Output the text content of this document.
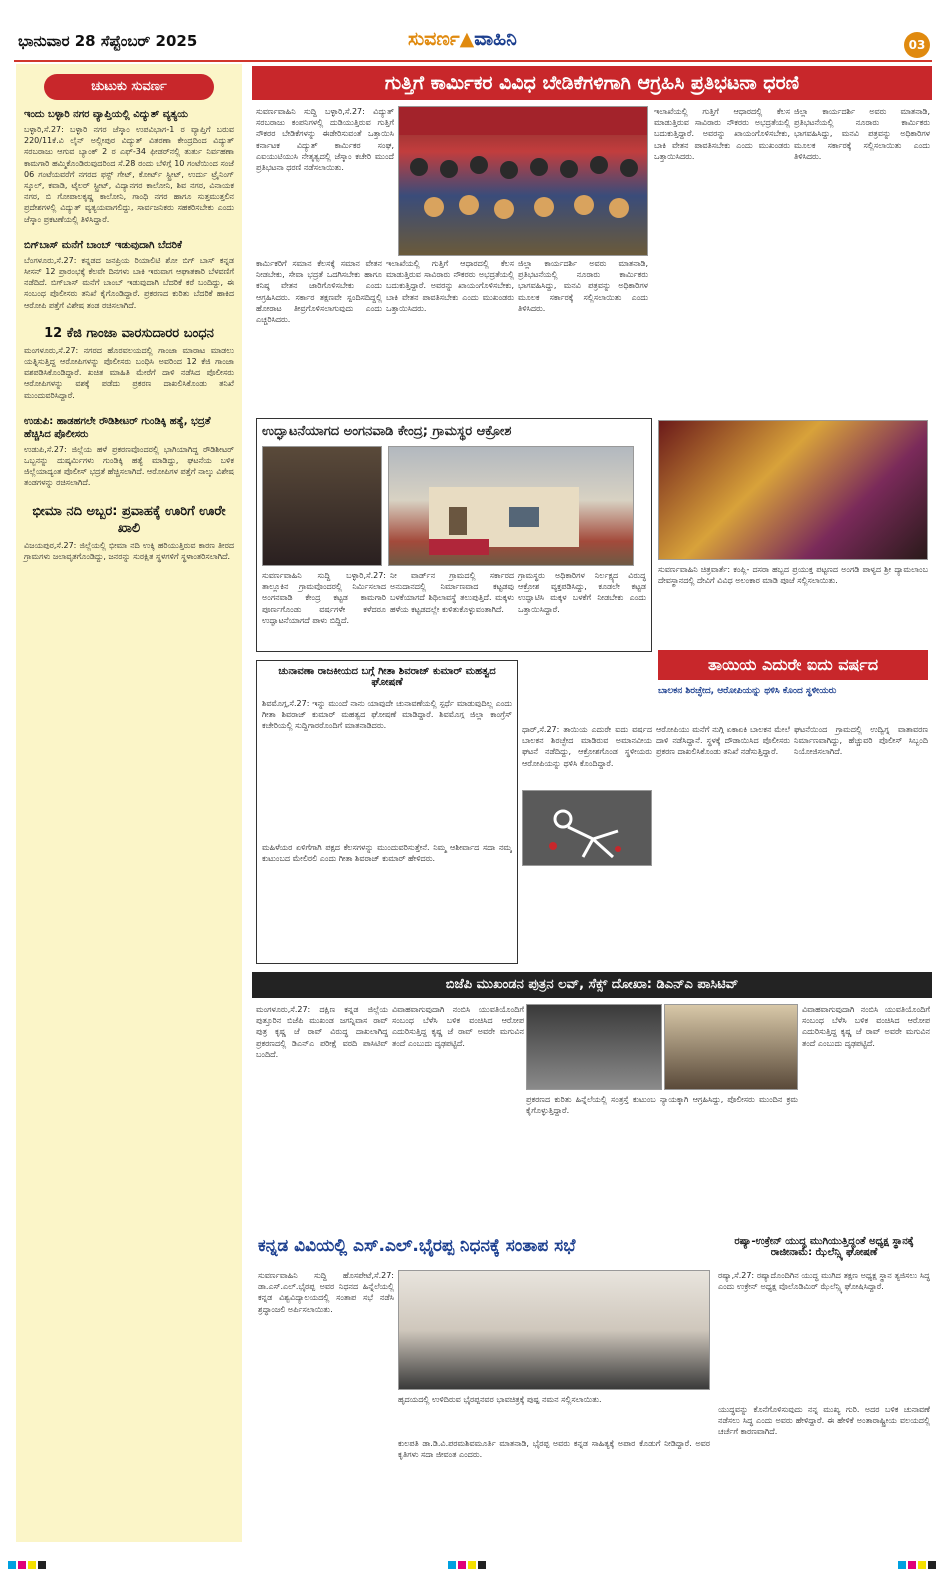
ಭಾನುವಾರ 28 ಸೆಪ್ಟೆಂಬರ್ 2025	ಸುವರ್ಣ▲ವಾಹಿನಿ	03
ಚುಟುಕು ಸುವರ್ಣ
ಇಂದು ಬಳ್ಳಾರಿ ನಗರ ವ್ಯಾಪ್ತಿಯಲ್ಲಿ ವಿದ್ಯುತ್ ವ್ಯತ್ಯಯ
ಬಳ್ಳಾರಿ,ಸೆ.27: ಬಳ್ಳಾರಿ ನಗರ ಜೆಸ್ಕಾಂ ಉಪವಿಭಾಗ-1 ರ ವ್ಯಾಪ್ತಿಗೆ ಬರುವ 220/11ಕೆ.ವಿ ಲೈನ್ ಅಲ್ಲೀಪುರ ವಿದ್ಯುತ್ ವಿತರಣಾ ಕೇಂದ್ರದಿಂದ ವಿದ್ಯುತ್ ಸರಬರಾಜು ಆಗುವ ಬ್ಯಾಂಕ್ 2 ರ ಎಫ್-34 ಫೀಡರ್‌ನಲ್ಲಿ ತುರ್ತು ನಿರ್ವಹಣಾ ಕಾಮಗಾರಿ ಹಮ್ಮಿಕೊಂಡಿರುವುದರಿಂದ ಸೆ.28 ರಂದು ಬೆಳಿಗ್ಗೆ 10 ಗಂಟೆಯಿಂದ ಸಂಜೆ 06 ಗಂಟೆಯವರೆಗೆ ನಗರದ ಫಸ್ಟ್ ಗೇಟ್, ಕೋರ್ಟ್ ಸ್ಟ್ರೀಟ್, ಉರ್ದು ಟ್ರೈನಿಂಗ್ ಸ್ಕೂಲ್, ಕವಾಡಿ, ಟೈಲರ್ ಸ್ಟ್ರೀಟ್, ವಿದ್ಯಾನಗರ ಕಾಲೋನಿ, ಶಿವ ನಗರ, ವಿನಾಯಕ ನಗರ, ಬಿ ಗೋಪಾಲಕೃಷ್ಣ ಕಾಲೋನಿ, ಗಾಂಧಿ ನಗರ ಹಾಗೂ ಸುತ್ತಮುತ್ತಲಿನ ಪ್ರದೇಶಗಳಲ್ಲಿ ವಿದ್ಯುತ್ ವ್ಯತ್ಯಯವಾಗಲಿದ್ದು, ಸಾರ್ವಜನಿಕರು ಸಹಕರಿಸಬೇಕು ಎಂದು ಜೆಸ್ಕಾಂ ಪ್ರಕಟಣೆಯಲ್ಲಿ ತಿಳಿಸಿದ್ದಾರೆ.
ಬಿಗ್‌ಬಾಸ್ ಮನೆಗೆ ಬಾಂಬ್ ಇಡುವುದಾಗಿ ಬೆದರಿಕೆ
ಬೆಂಗಳೂರು,ಸೆ.27: ಕನ್ನಡದ ಜನಪ್ರಿಯ ರಿಯಾಲಿಟಿ ಶೋ ಬಿಗ್ ಬಾಸ್ ಕನ್ನಡ ಸೀಸನ್ 12 ಪ್ರಾರಂಭಕ್ಕೆ ಕೆಲವೇ ದಿನಗಳು ಬಾಕಿ ಇರುವಾಗ ಆಘಾತಕಾರಿ ಬೆಳವಣಿಗೆ ನಡೆದಿದೆ. ಬಿಗ್‌ಬಾಸ್ ಮನೆಗೆ ಬಾಂಬ್ ಇಡುವುದಾಗಿ ಬೆದರಿಕೆ ಕರೆ ಬಂದಿದ್ದು, ಈ ಸಂಬಂಧ ಪೊಲೀಸರು ತನಿಖೆ ಕೈಗೊಂಡಿದ್ದಾರೆ. ಪ್ರಕರಣದ ಕುರಿತು ಬೆದರಿಕೆ ಹಾಕಿದ ಆರೋಪಿ ಪತ್ತೆಗೆ ವಿಶೇಷ ತಂಡ ರಚಿಸಲಾಗಿದೆ.
12 ಕೆಜಿ ಗಾಂಜಾ ವಾರಸುದಾರರ ಬಂಧನ
ಮಂಗಳೂರು,ಸೆ.27: ನಗರದ ಹೊರವಲಯದಲ್ಲಿ ಗಾಂಜಾ ಮಾರಾಟ ಮಾಡಲು ಯತ್ನಿಸುತ್ತಿದ್ದ ಆರೋಪಿಗಳನ್ನು ಪೊಲೀಸರು ಬಂಧಿಸಿ ಅವರಿಂದ 12 ಕೆಜಿ ಗಾಂಜಾ ವಶಪಡಿಸಿಕೊಂಡಿದ್ದಾರೆ. ಖಚಿತ ಮಾಹಿತಿ ಮೇರೆಗೆ ದಾಳಿ ನಡೆಸಿದ ಪೊಲೀಸರು ಆರೋಪಿಗಳನ್ನು ವಶಕ್ಕೆ ಪಡೆದು ಪ್ರಕರಣ ದಾಖಲಿಸಿಕೊಂಡು ತನಿಖೆ ಮುಂದುವರಿಸಿದ್ದಾರೆ.
ಉಡುಪಿ: ಹಾಡಹಗಲೇ ರೌಡಿಶೀಟರ್ ಗುಂಡಿಕ್ಕಿ ಹತ್ಯೆ, ಭದ್ರತೆ ಹೆಚ್ಚಿಸಿದ ಪೊಲೀಸರು
ಉಡುಪಿ,ಸೆ.27: ಜಿಲ್ಲೆಯ ಹಳೆ ಪ್ರಕರಣವೊಂದರಲ್ಲಿ ಭಾಗಿಯಾಗಿದ್ದ ರೌಡಿಶೀಟರ್ ಒಬ್ಬನನ್ನು ದುಷ್ಕರ್ಮಿಗಳು ಗುಂಡಿಕ್ಕಿ ಹತ್ಯೆ ಮಾಡಿದ್ದು, ಘಟನೆಯ ಬಳಿಕ ಜಿಲ್ಲೆಯಾದ್ಯಂತ ಪೊಲೀಸ್ ಭದ್ರತೆ ಹೆಚ್ಚಿಸಲಾಗಿದೆ. ಆರೋಪಿಗಳ ಪತ್ತೆಗೆ ನಾಲ್ಕು ವಿಶೇಷ ತಂಡಗಳನ್ನು ರಚಿಸಲಾಗಿದೆ.
ಭೀಮಾ ನದಿ ಅಬ್ಬರ: ಪ್ರವಾಹಕ್ಕೆ ಊರಿಗೆ ಊರೇ ಖಾಲಿ
ವಿಜಯಪುರ,ಸೆ.27: ಜಿಲ್ಲೆಯಲ್ಲಿ ಭೀಮಾ ನದಿ ಉಕ್ಕಿ ಹರಿಯುತ್ತಿರುವ ಕಾರಣ ತೀರದ ಗ್ರಾಮಗಳು ಜಲಾವೃತಗೊಂಡಿದ್ದು, ಜನರನ್ನು ಸುರಕ್ಷಿತ ಸ್ಥಳಗಳಿಗೆ ಸ್ಥಳಾಂತರಿಸಲಾಗಿದೆ.
ಗುತ್ತಿಗೆ ಕಾರ್ಮಿಕರ ವಿವಿಧ ಬೇಡಿಕೆಗಳಿಗಾಗಿ ಆಗ್ರಹಿಸಿ ಪ್ರತಿಭಟನಾ ಧರಣಿ
ಸುವರ್ಣವಾಹಿನಿ ಸುದ್ದಿ ಬಳ್ಳಾರಿ,ಸೆ.27: ವಿದ್ಯುತ್ ಸರಬರಾಜು ಕಂಪನಿಗಳಲ್ಲಿ ದುಡಿಯುತ್ತಿರುವ ಗುತ್ತಿಗೆ ನೌಕರರ ಬೇಡಿಕೆಗಳನ್ನು ಈಡೇರಿಸುವಂತೆ ಒತ್ತಾಯಿಸಿ ಕರ್ನಾಟಕ ವಿದ್ಯುತ್ ಕಾರ್ಮಿಕರ ಸಂಘ, ಎಐಯುಟಿಯುಸಿ ನೇತೃತ್ವದಲ್ಲಿ ಜೆಸ್ಕಾಂ ಕಚೇರಿ ಮುಂದೆ ಪ್ರತಿಭಟನಾ ಧರಣಿ ನಡೆಸಲಾಯಿತು.
ಕಾರ್ಮಿಕರಿಗೆ ಸಮಾನ ಕೆಲಸಕ್ಕೆ ಸಮಾನ ವೇತನ ನೀಡಬೇಕು, ಸೇವಾ ಭದ್ರತೆ ಒದಗಿಸಬೇಕು ಹಾಗೂ ಕನಿಷ್ಠ ವೇತನ ಜಾರಿಗೊಳಿಸಬೇಕು ಎಂದು ಆಗ್ರಹಿಸಿದರು. ಸರ್ಕಾರ ತಕ್ಷಣವೇ ಸ್ಪಂದಿಸದಿದ್ದಲ್ಲಿ ಹೋರಾಟ ತೀವ್ರಗೊಳಿಸಲಾಗುವುದು ಎಂದು ಎಚ್ಚರಿಸಿದರು.
ಇಲಾಖೆಯಲ್ಲಿ ಗುತ್ತಿಗೆ ಆಧಾರದಲ್ಲಿ ಕೆಲಸ ಮಾಡುತ್ತಿರುವ ಸಾವಿರಾರು ನೌಕರರು ಅಭದ್ರತೆಯಲ್ಲಿ ಬದುಕುತ್ತಿದ್ದಾರೆ. ಅವರನ್ನು ಖಾಯಂಗೊಳಿಸಬೇಕು, ಬಾಕಿ ವೇತನ ಪಾವತಿಸಬೇಕು ಎಂದು ಮುಖಂಡರು ಒತ್ತಾಯಿಸಿದರು.
ಜಿಲ್ಲಾ ಕಾರ್ಯದರ್ಶಿ ಅವರು ಮಾತನಾಡಿ, ಪ್ರತಿಭಟನೆಯಲ್ಲಿ ನೂರಾರು ಕಾರ್ಮಿಕರು ಭಾಗವಹಿಸಿದ್ದು, ಮನವಿ ಪತ್ರವನ್ನು ಅಧಿಕಾರಿಗಳ ಮೂಲಕ ಸರ್ಕಾರಕ್ಕೆ ಸಲ್ಲಿಸಲಾಯಿತು ಎಂದು ತಿಳಿಸಿದರು.
ಇಲಾಖೆಯಲ್ಲಿ ಗುತ್ತಿಗೆ ಆಧಾರದಲ್ಲಿ ಕೆಲಸ ಮಾಡುತ್ತಿರುವ ಸಾವಿರಾರು ನೌಕರರು ಅಭದ್ರತೆಯಲ್ಲಿ ಬದುಕುತ್ತಿದ್ದಾರೆ. ಅವರನ್ನು ಖಾಯಂಗೊಳಿಸಬೇಕು, ಬಾಕಿ ವೇತನ ಪಾವತಿಸಬೇಕು ಎಂದು ಮುಖಂಡರು ಒತ್ತಾಯಿಸಿದರು.
ಜಿಲ್ಲಾ ಕಾರ್ಯದರ್ಶಿ ಅವರು ಮಾತನಾಡಿ, ಪ್ರತಿಭಟನೆಯಲ್ಲಿ ನೂರಾರು ಕಾರ್ಮಿಕರು ಭಾಗವಹಿಸಿದ್ದು, ಮನವಿ ಪತ್ರವನ್ನು ಅಧಿಕಾರಿಗಳ ಮೂಲಕ ಸರ್ಕಾರಕ್ಕೆ ಸಲ್ಲಿಸಲಾಯಿತು ಎಂದು ತಿಳಿಸಿದರು.
ಉದ್ಘಾಟನೆಯಾಗದ ಅಂಗನವಾಡಿ ಕೇಂದ್ರ; ಗ್ರಾಮಸ್ಥರ ಆಕ್ರೋಶ
ಸುವರ್ಣವಾಹಿನಿ ಸುದ್ದಿ ಬಳ್ಳಾರಿ,ಸೆ.27: ತಾಲ್ಲೂಕಿನ ಗ್ರಾಮವೊಂದರಲ್ಲಿ ನಿರ್ಮಿಸಲಾದ ಅಂಗನವಾಡಿ ಕೇಂದ್ರ ಕಟ್ಟಡ ಕಾಮಗಾರಿ ಪೂರ್ಣಗೊಂಡು ವರ್ಷಗಳೇ ಕಳೆದರೂ ಉದ್ಘಾಟನೆಯಾಗದೆ ಪಾಳು ಬಿದ್ದಿದೆ.
ನೀ ವಾರ್ಡ್‌ನ ಗ್ರಾಮದಲ್ಲಿ ಸರ್ಕಾರದ ಅನುದಾನದಲ್ಲಿ ನಿರ್ಮಾಣವಾದ ಕಟ್ಟಡವು ಬಳಕೆಯಾಗದೆ ಶಿಥಿಲಾವಸ್ಥೆ ತಲುಪುತ್ತಿದೆ. ಮಕ್ಕಳು ಹಳೆಯ ಕಟ್ಟಡದಲ್ಲೇ ಕುಳಿತುಕೊಳ್ಳುವಂತಾಗಿದೆ.
ಗ್ರಾಮಸ್ಥರು ಅಧಿಕಾರಿಗಳ ನಿರ್ಲಕ್ಷ್ಯದ ವಿರುದ್ಧ ಆಕ್ರೋಶ ವ್ಯಕ್ತಪಡಿಸಿದ್ದು, ಕೂಡಲೇ ಕಟ್ಟಡ ಉದ್ಘಾಟಿಸಿ ಮಕ್ಕಳ ಬಳಕೆಗೆ ನೀಡಬೇಕು ಎಂದು ಒತ್ತಾಯಿಸಿದ್ದಾರೆ.
ಸುವರ್ಣವಾಹಿನಿ ಚಿತ್ರವಾರ್ತೆ: ಕಂಪ್ಲಿ- ದಸರಾ ಹಬ್ಬದ ಪ್ರಯುಕ್ತ ಪಟ್ಟಣದ ಅಂಗಡಿ ಪಾಳ್ಯದ ಶ್ರೀ ದ್ಯಾಮಲಾಂಬ ದೇವಸ್ಥಾನದಲ್ಲಿ ದೇವಿಗೆ ವಿವಿಧ ಅಲಂಕಾರ ಮಾಡಿ ಪೂಜೆ ಸಲ್ಲಿಸಲಾಯಿತು.
ತಾಯಿಯ ಎದುರೇ ಐದು ವರ್ಷದ
ಬಾಲಕನ ಶಿರಚ್ಛೇದ, ಆರೋಪಿಯನ್ನು ಥಳಿಸಿ ಕೊಂದ ಸ್ಥಳೀಯರು
ಧಾರ್,ಸೆ.27: ತಾಯಿಯ ಎದುರೇ ಐದು ವರ್ಷದ ಬಾಲಕನ ಶಿರಚ್ಛೇದ ಮಾಡಿರುವ ಅಮಾನವೀಯ ಘಟನೆ ನಡೆದಿದ್ದು, ಆಕ್ರೋಶಗೊಂಡ ಸ್ಥಳೀಯರು ಆರೋಪಿಯನ್ನು ಥಳಿಸಿ ಕೊಂದಿದ್ದಾರೆ.
ಆರೋಪಿಯು ಮನೆಗೆ ನುಗ್ಗಿ ಏಕಾಏಕಿ ಬಾಲಕನ ಮೇಲೆ ದಾಳಿ ನಡೆಸಿದ್ದಾನೆ. ಸ್ಥಳಕ್ಕೆ ದೌಡಾಯಿಸಿದ ಪೊಲೀಸರು ಪ್ರಕರಣ ದಾಖಲಿಸಿಕೊಂಡು ತನಿಖೆ ನಡೆಸುತ್ತಿದ್ದಾರೆ.
ಘಟನೆಯಿಂದ ಗ್ರಾಮದಲ್ಲಿ ಉದ್ವಿಗ್ನ ವಾತಾವರಣ ನಿರ್ಮಾಣವಾಗಿದ್ದು, ಹೆಚ್ಚುವರಿ ಪೊಲೀಸ್ ಸಿಬ್ಬಂದಿ ನಿಯೋಜಿಸಲಾಗಿದೆ.
ಚುನಾವಣಾ ರಾಜಕೀಯದ ಬಗ್ಗೆ ಗೀತಾ ಶಿವರಾಜ್ ಕುಮಾರ್ ಮಹತ್ವದ ಘೋಷಣೆ
ಶಿವಮೊಗ್ಗ,ಸೆ.27: ಇನ್ನು ಮುಂದೆ ನಾನು ಯಾವುದೇ ಚುನಾವಣೆಯಲ್ಲಿ ಸ್ಪರ್ಧೆ ಮಾಡುವುದಿಲ್ಲ ಎಂದು ಗೀತಾ ಶಿವರಾಜ್ ಕುಮಾರ್ ಮಹತ್ವದ ಘೋಷಣೆ ಮಾಡಿದ್ದಾರೆ. ಶಿವಮೊಗ್ಗ ಜಿಲ್ಲಾ ಕಾಂಗ್ರೆಸ್ ಕಚೇರಿಯಲ್ಲಿ ಸುದ್ದಿಗಾರರೊಂದಿಗೆ ಮಾತನಾಡಿದರು.
ಮಹಿಳೆಯರ ಏಳಿಗೆಗಾಗಿ ಪಕ್ಷದ ಕೆಲಸಗಳನ್ನು ಮುಂದುವರಿಸುತ್ತೇನೆ. ನಿಮ್ಮ ಆಶೀರ್ವಾದ ಸದಾ ನಮ್ಮ ಕುಟುಂಬದ ಮೇಲಿರಲಿ ಎಂದು ಗೀತಾ ಶಿವರಾಜ್ ಕುಮಾರ್ ಹೇಳಿದರು.
ಬಿಜೆಪಿ ಮುಖಂಡನ ಪುತ್ರನ ಲವ್, ಸೆಕ್ಸ್ ದೋಖಾ: ಡಿಎನ್‌ಎ ಪಾಸಿಟಿವ್
ಮಂಗಳೂರು,ಸೆ.27: ದಕ್ಷಿಣ ಕನ್ನಡ ಜಿಲ್ಲೆಯ ಪುತ್ತೂರಿನ ಬಿಜೆಪಿ ಮುಖಂಡ ಜಗನ್ನಿವಾಸ ರಾವ್ ಪುತ್ರ ಕೃಷ್ಣ ಜೆ ರಾವ್ ವಿರುದ್ಧ ದಾಖಲಾಗಿದ್ದ ಪ್ರಕರಣದಲ್ಲಿ ಡಿಎನ್‌ಎ ಪರೀಕ್ಷೆ ವರದಿ ಪಾಸಿಟಿವ್ ಬಂದಿದೆ.
ವಿವಾಹವಾಗುವುದಾಗಿ ನಂಬಿಸಿ ಯುವತಿಯೊಂದಿಗೆ ಸಂಬಂಧ ಬೆಳೆಸಿ ಬಳಿಕ ವಂಚಿಸಿದ ಆರೋಪ ಎದುರಿಸುತ್ತಿದ್ದ ಕೃಷ್ಣ ಜೆ ರಾವ್ ಅವರೇ ಮಗುವಿನ ತಂದೆ ಎಂಬುದು ದೃಢಪಟ್ಟಿದೆ.
ಪ್ರಕರಣದ ಕುರಿತು ಹಿನ್ನೆಲೆಯಲ್ಲಿ ಸಂತ್ರಸ್ತೆ ಕುಟುಂಬ ನ್ಯಾಯಕ್ಕಾಗಿ ಆಗ್ರಹಿಸಿದ್ದು, ಪೊಲೀಸರು ಮುಂದಿನ ಕ್ರಮ ಕೈಗೊಳ್ಳುತ್ತಿದ್ದಾರೆ.
ವಿವಾಹವಾಗುವುದಾಗಿ ನಂಬಿಸಿ ಯುವತಿಯೊಂದಿಗೆ ಸಂಬಂಧ ಬೆಳೆಸಿ ಬಳಿಕ ವಂಚಿಸಿದ ಆರೋಪ ಎದುರಿಸುತ್ತಿದ್ದ ಕೃಷ್ಣ ಜೆ ರಾವ್ ಅವರೇ ಮಗುವಿನ ತಂದೆ ಎಂಬುದು ದೃಢಪಟ್ಟಿದೆ.
ಕನ್ನಡ ವಿವಿಯಲ್ಲಿ ಎಸ್.ಎಲ್.ಭೈರಪ್ಪ ನಿಧನಕ್ಕೆ ಸಂತಾಪ ಸಭೆ
ಸುವರ್ಣವಾಹಿನಿ ಸುದ್ದಿ ಹೊಸಪೇಟೆ,ಸೆ.27: ಡಾ.ಎಸ್.ಎಲ್.ಭೈರಪ್ಪ ಅವರ ನಿಧನದ ಹಿನ್ನೆಲೆಯಲ್ಲಿ ಕನ್ನಡ ವಿಶ್ವವಿದ್ಯಾಲಯದಲ್ಲಿ ಸಂತಾಪ ಸಭೆ ನಡೆಸಿ ಶ್ರದ್ಧಾಂಜಲಿ ಅರ್ಪಿಸಲಾಯಿತು.
ಹೃದಯದಲ್ಲಿ ಉಳಿದಿರುವ ಭೈರಪ್ಪನವರ ಭಾವಚಿತ್ರಕ್ಕೆ ಪುಷ್ಪ ನಮನ ಸಲ್ಲಿಸಲಾಯಿತು.
ಕುಲಪತಿ ಡಾ.ಡಿ.ವಿ.ಪರಮಶಿವಮೂರ್ತಿ ಮಾತನಾಡಿ, ಭೈರಪ್ಪ ಅವರು ಕನ್ನಡ ಸಾಹಿತ್ಯಕ್ಕೆ ಅಪಾರ ಕೊಡುಗೆ ನೀಡಿದ್ದಾರೆ. ಅವರ ಕೃತಿಗಳು ಸದಾ ಜೀವಂತ ಎಂದರು.
ರಷ್ಯಾ-ಉಕ್ರೇನ್ ಯುದ್ಧ ಮುಗಿಯುತ್ತಿದ್ದಂತೆ ಅಧ್ಯಕ್ಷ ಸ್ಥಾನಕ್ಕೆ ರಾಜೀನಾಮೆ: ಝೆಲೆನ್ಸ್ಕಿ ಘೋಷಣೆ
ರಷ್ಯಾ,ಸೆ.27: ರಷ್ಯಾದೊಂದಿಗಿನ ಯುದ್ಧ ಮುಗಿದ ತಕ್ಷಣ ಅಧ್ಯಕ್ಷ ಸ್ಥಾನ ತ್ಯಜಿಸಲು ಸಿದ್ಧ ಎಂದು ಉಕ್ರೇನ್ ಅಧ್ಯಕ್ಷ ವೊಲೊಡಿಮಿರ್ ಝೆಲೆನ್ಸ್ಕಿ ಘೋಷಿಸಿದ್ದಾರೆ.
ಯುದ್ಧವನ್ನು ಕೊನೆಗೊಳಿಸುವುದು ನನ್ನ ಮುಖ್ಯ ಗುರಿ. ಅದರ ಬಳಿಕ ಚುನಾವಣೆ ನಡೆಸಲು ಸಿದ್ಧ ಎಂದು ಅವರು ಹೇಳಿದ್ದಾರೆ. ಈ ಹೇಳಿಕೆ ಅಂತಾರಾಷ್ಟ್ರೀಯ ವಲಯದಲ್ಲಿ ಚರ್ಚೆಗೆ ಕಾರಣವಾಗಿದೆ.
